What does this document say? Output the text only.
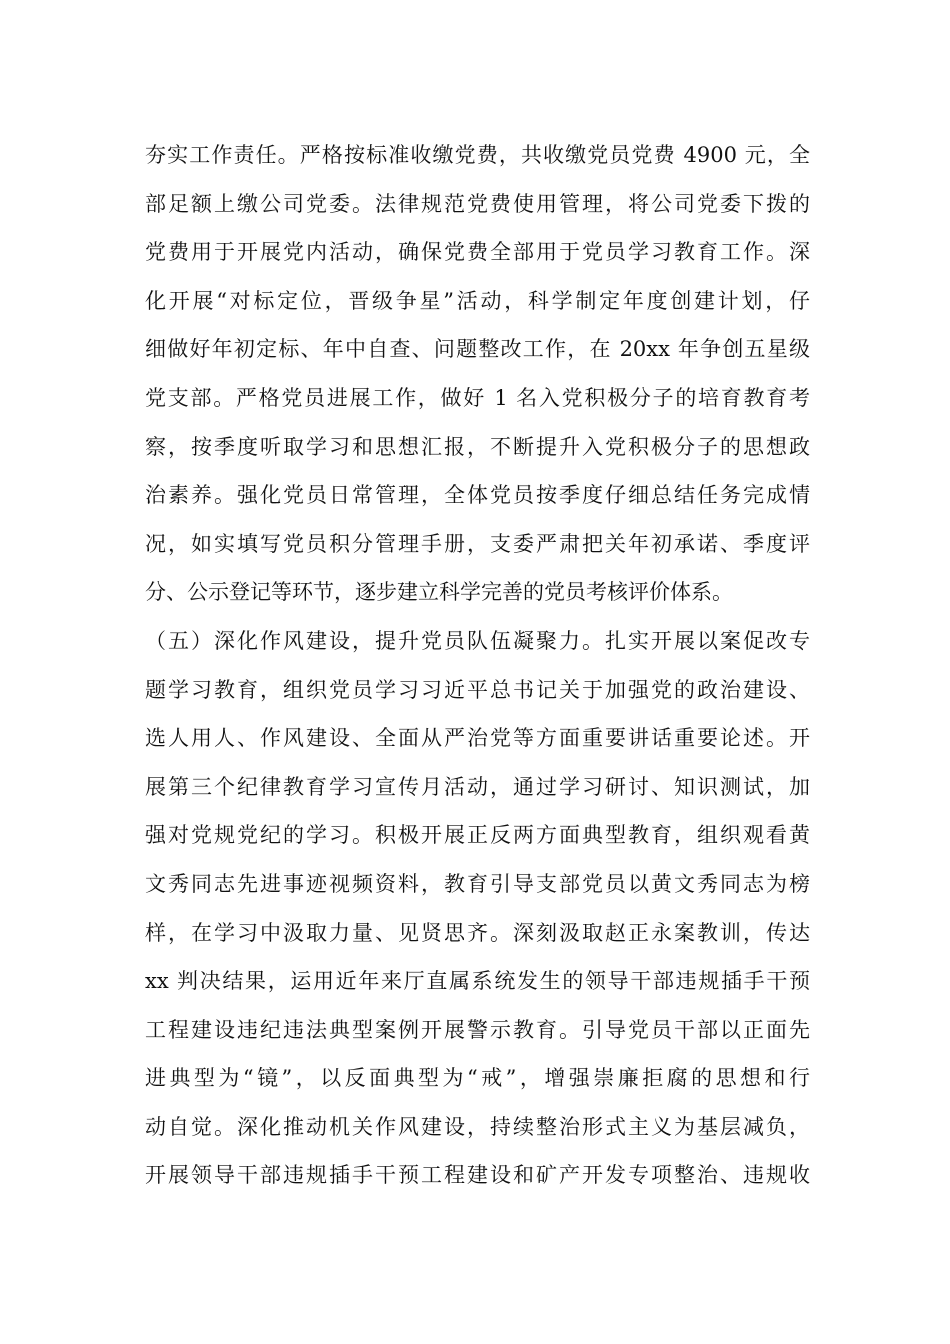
夯实工作责任。严格按标准收缴党费，共收缴党员党费 4900 元，全
部足额上缴公司党委。法律规范党费使用管理，将公司党委下拨的
党费用于开展党内活动，确保党费全部用于党员学习教育工作。深
化开展“对标定位，晋级争星”活动，科学制定年度创建计划，仔
细做好年初定标、年中自查、问题整改工作，在 20xx 年争创五星级
党支部。严格党员进展工作，做好 1 名入党积极分子的培育教育考
察，按季度听取学习和思想汇报，不断提升入党积极分子的思想政
治素养。强化党员日常管理，全体党员按季度仔细总结任务完成情
况，如实填写党员积分管理手册，支委严肃把关年初承诺、季度评
分、公示登记等环节，逐步建立科学完善的党员考核评价体系。
（五）深化作风建设，提升党员队伍凝聚力。扎实开展以案促改专
题学习教育，组织党员学习习近平总书记关于加强党的政治建设、
选人用人、作风建设、全面从严治党等方面重要讲话重要论述。开
展第三个纪律教育学习宣传月活动，通过学习研讨、知识测试，加
强对党规党纪的学习。积极开展正反两方面典型教育，组织观看黄
文秀同志先进事迹视频资料，教育引导支部党员以黄文秀同志为榜
样，在学习中汲取力量、见贤思齐。深刻汲取赵正永案教训，传达
xx 判决结果，运用近年来厅直属系统发生的领导干部违规插手干预
工程建设违纪违法典型案例开展警示教育。引导党员干部以正面先
进典型为“镜”，以反面典型为“戒”，增强崇廉拒腐的思想和行
动自觉。深化推动机关作风建设，持续整治形式主义为基层减负，
开展领导干部违规插手干预工程建设和矿产开发专项整治、违规收
